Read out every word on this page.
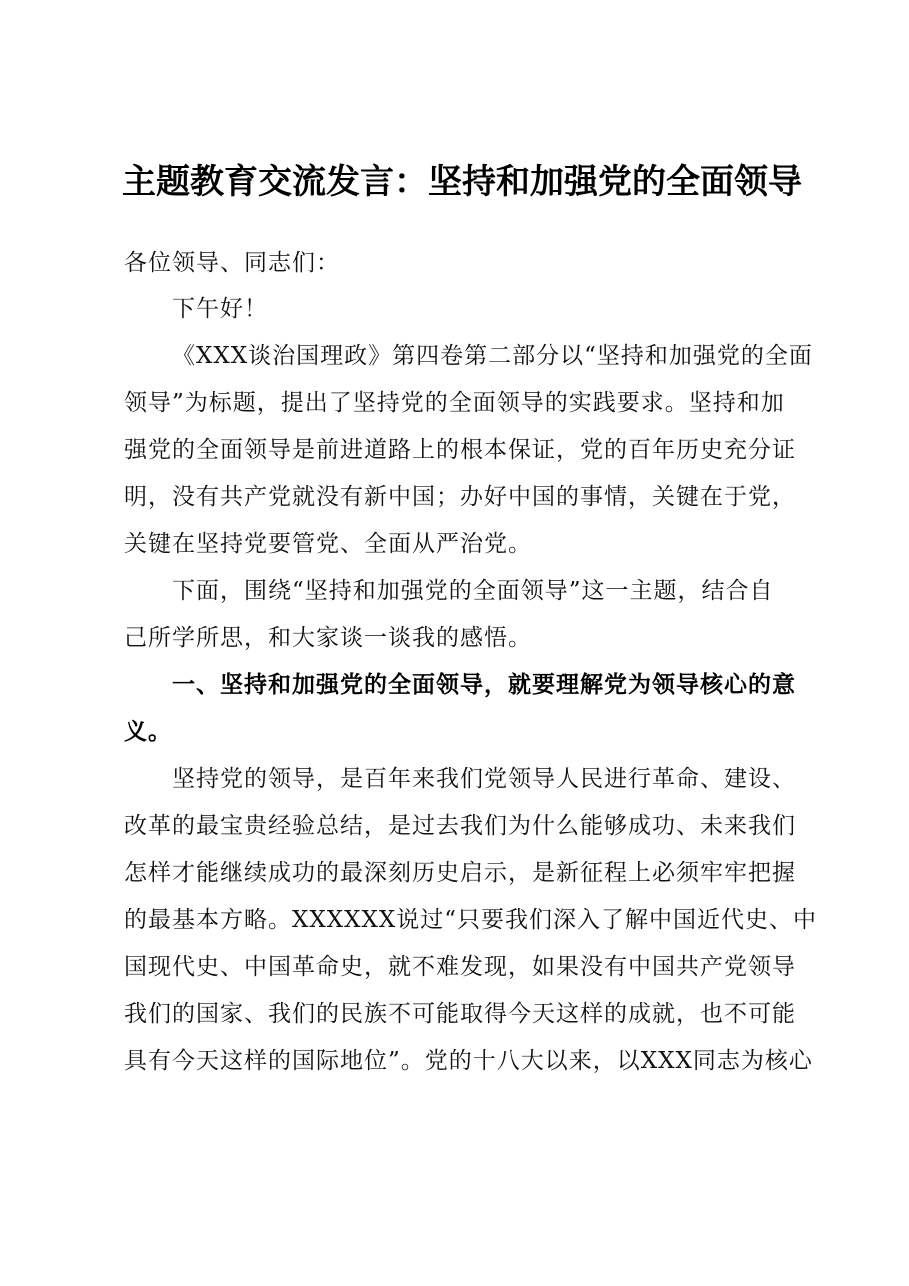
主题教育交流发言：坚持和加强党的全面领导
各位领导、同志们：
下午好！
《XXX谈治国理政》第四卷第二部分以“坚持和加强党的全面
领导”为标题，提出了坚持党的全面领导的实践要求。坚持和加
强党的全面领导是前进道路上的根本保证，党的百年历史充分证
明，没有共产党就没有新中国；办好中国的事情，关键在于党，
关键在坚持党要管党、全面从严治党。
下面，围绕“坚持和加强党的全面领导”这一主题，结合自
己所学所思，和大家谈一谈我的感悟。
一、坚持和加强党的全面领导，就要理解党为领导核心的意
义。
坚持党的领导，是百年来我们党领导人民进行革命、建设、
改革的最宝贵经验总结，是过去我们为什么能够成功、未来我们
怎样才能继续成功的最深刻历史启示，是新征程上必须牢牢把握
的最基本方略。XXXXXX说过“只要我们深入了解中国近代史、中
国现代史、中国革命史，就不难发现，如果没有中国共产党领导
我们的国家、我们的民族不可能取得今天这样的成就，也不可能
具有今天这样的国际地位”。党的十八大以来，以XXX同志为核心
